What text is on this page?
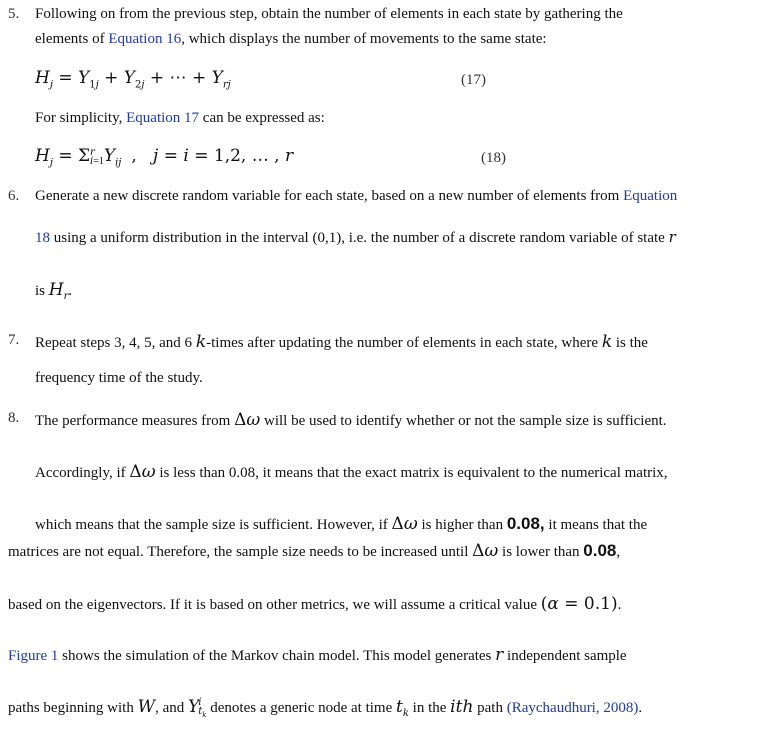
5. Following on from the previous step, obtain the number of elements in each state by gathering the
elements of Equation 16, which displays the number of movements to the same state:
$H_j = Y_{1j} + Y_{2j}$ + ⋯ + $Y_{rj}$	(17)
For simplicity, Equation 17 can be expressed as:
$H_j = \Sigma r$
$i=1Y_{ij}$ ,   j = i = 1,2, … , r	(18)
6. Generate a new discrete random variable for each state, based on a new number of elements from Equation
18 using a uniform distribution in the interval (0,1), i.e. the number of a discrete random variable of state r
is $H_r$.
7. Repeat steps 3, 4, 5, and 6 k-times after updating the number of elements in each state, where k is the
frequency time of the study.
8. The performance measures from Δω will be used to identify whether or not the sample size is sufficient.
Accordingly, if Δω is less than 0.08, it means that the exact matrix is equivalent to the numerical matrix,
which means that the sample size is sufficient. However, if Δω is higher than 0.08, it means that the
matrices are not equal. Therefore, the sample size needs to be increased until Δω is lower than 0.08,
based on the eigenvectors. If it is based on other metrics, we will assume a critical value (α = 0.1).
Figure 1 shows the simulation of the Markov chain model. This model generates r independent sample
paths beginning with W, and Yi
$t_k$ denotes a generic node at time $t_k$ in the ith path (Raychaudhuri, 2008).
